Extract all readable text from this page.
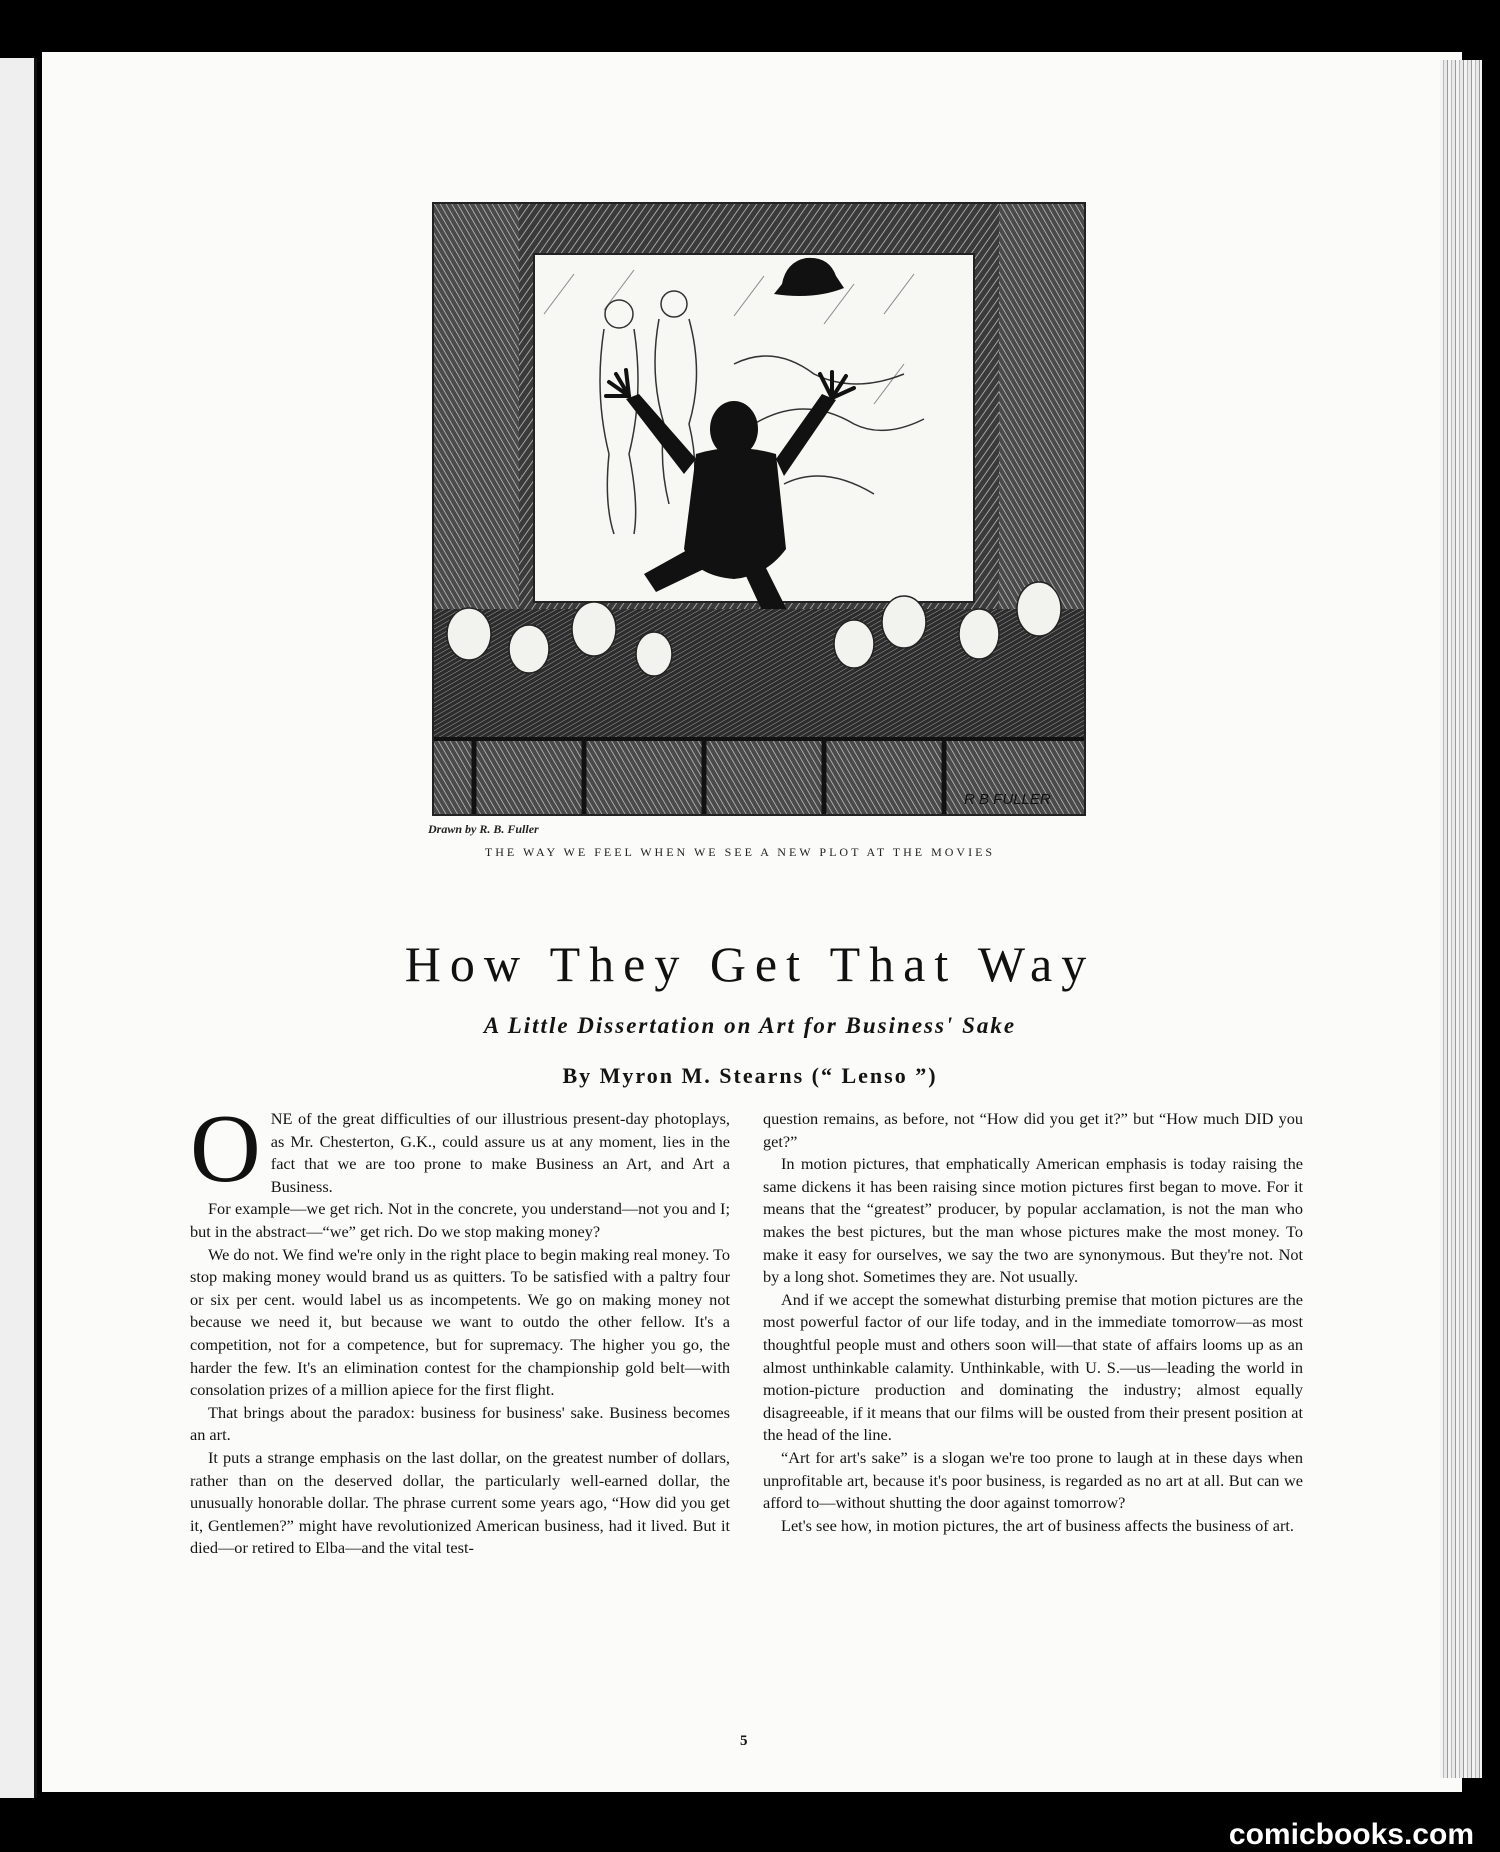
R B FULLER
Drawn by R. B. Fuller
THE WAY WE FEEL WHEN WE SEE A NEW PLOT AT THE MOVIES
How They Get That Way
A Little Dissertation on Art for Business' Sake
By Myron M. Stearns (“ Lenso ”)

ONE of the great difficulties of our illustrious present-day photoplays, as Mr. Chesterton, G.K., could assure us at any moment, lies in the fact that we are too prone to make Business an Art, and Art a Business.

For example—we get rich. Not in the concrete, you understand—not you and I; but in the abstract—“we” get rich. Do we stop making money?

We do not. We find we're only in the right place to begin making real money. To stop making money would brand us as quitters. To be satisfied with a paltry four or six per cent. would label us as incompetents. We go on making money not because we need it, but because we want to outdo the other fellow. It's a competition, not for a competence, but for supremacy. The higher you go, the harder the few. It's an elimination contest for the championship gold belt—with consolation prizes of a million apiece for the first flight.

That brings about the paradox: business for business' sake. Business becomes an art.

It puts a strange emphasis on the last dollar, on the greatest number of dollars, rather than on the deserved dollar, the particularly well-earned dollar, the unusually honorable dollar. The phrase current some years ago, “How did you get it, Gentlemen?” might have revolutionized American business, had it lived. But it died—or retired to Elba—and the vital test-

question remains, as before, not “How did you get it?” but “How much DID you get?”

In motion pictures, that emphatically American emphasis is today raising the same dickens it has been raising since motion pictures first began to move. For it means that the “greatest” producer, by popular acclamation, is not the man who makes the best pictures, but the man whose pictures make the most money. To make it easy for ourselves, we say the two are synonymous. But they're not. Not by a long shot. Sometimes they are. Not usually.

And if we accept the somewhat disturbing premise that motion pictures are the most powerful factor of our life today, and in the immediate tomorrow—as most thoughtful people must and others soon will—that state of affairs looms up as an almost unthinkable calamity. Unthinkable, with U. S.—us—leading the world in motion-picture production and dominating the industry; almost equally disagreeable, if it means that our films will be ousted from their present position at the head of the line.

“Art for art's sake” is a slogan we're too prone to laugh at in these days when unprofitable art, because it's poor business, is regarded as no art at all. But can we afford to—without shutting the door against tomorrow?

Let's see how, in motion pictures, the art of business affects the business of art.

5
comicbooks.com
